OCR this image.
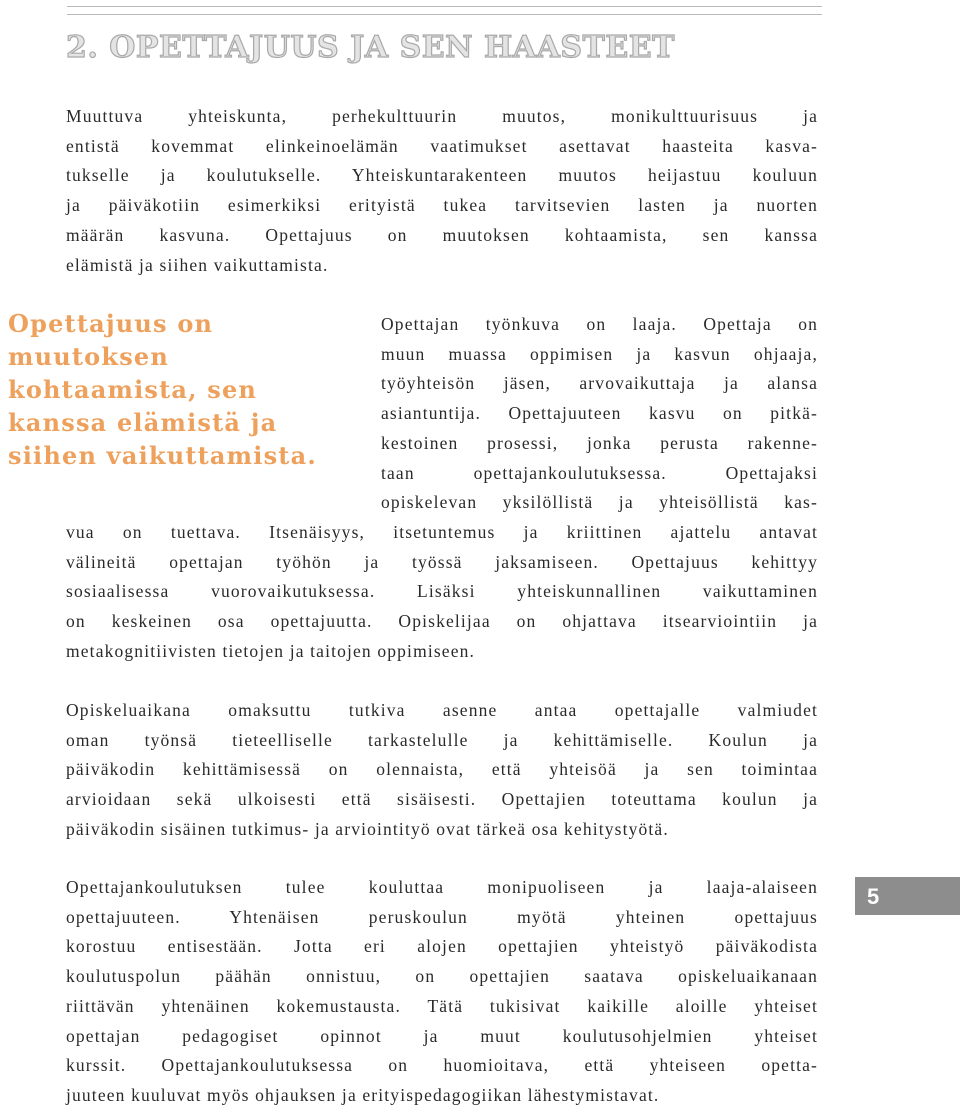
2. OPETTAJUUS JA SEN HAASTEET
Muuttuva yhteiskunta, perhekulttuurin muutos, monikulttuurisuus ja
entistä kovemmat elinkeinoelämän vaatimukset asettavat haasteita kasva-
tukselle ja koulutukselle. Yhteiskuntarakenteen muutos heijastuu kouluun
ja päiväkotiin esimerkiksi erityistä tukea tarvitsevien lasten ja nuorten
määrän kasvuna. Opettajuus on muutoksen kohtaamista, sen kanssa
elämistä ja siihen vaikuttamista.
Opettajuus on
muutoksen
kohtaamista, sen
kanssa elämistä ja
siihen vaikuttamista.
Opettajan työnkuva on laaja. Opettaja on
muun muassa oppimisen ja kasvun ohjaaja,
työyhteisön jäsen, arvovaikuttaja ja alansa
asiantuntija. Opettajuuteen kasvu on pitkä-
kestoinen prosessi, jonka perusta rakenne-
taan opettajankoulutuksessa. Opettajaksi
opiskelevan yksilöllistä ja yhteisöllistä kas-
vua on tuettava. Itsenäisyys, itsetuntemus ja kriittinen ajattelu antavat
välineitä opettajan työhön ja työssä jaksamiseen. Opettajuus kehittyy
sosiaalisessa vuorovaikutuksessa. Lisäksi yhteiskunnallinen vaikuttaminen
on keskeinen osa opettajuutta. Opiskelijaa on ohjattava itsearviointiin ja
metakognitiivisten tietojen ja taitojen oppimiseen.
Opiskeluaikana omaksuttu tutkiva asenne antaa opettajalle valmiudet
oman työnsä tieteelliselle tarkastelulle ja kehittämiselle. Koulun ja
päiväkodin kehittämisessä on olennaista, että yhteisöä ja sen toimintaa
arvioidaan sekä ulkoisesti että sisäisesti. Opettajien toteuttama koulun ja
päiväkodin sisäinen tutkimus- ja arviointityö ovat tärkeä osa kehitystyötä.
Opettajankoulutuksen tulee kouluttaa monipuoliseen ja laaja-alaiseen
opettajuuteen. Yhtenäisen peruskoulun myötä yhteinen opettajuus
korostuu entisestään. Jotta eri alojen opettajien yhteistyö päiväkodista
koulutuspolun päähän onnistuu, on opettajien saatava opiskeluaikanaan
riittävän yhtenäinen kokemustausta. Tätä tukisivat kaikille aloille yhteiset
opettajan pedagogiset opinnot ja muut koulutusohjelmien yhteiset
kurssit. Opettajankoulutuksessa on huomioitava, että yhteiseen opetta-
juuteen kuuluvat myös ohjauksen ja erityispedagogiikan lähestymistavat.
5
